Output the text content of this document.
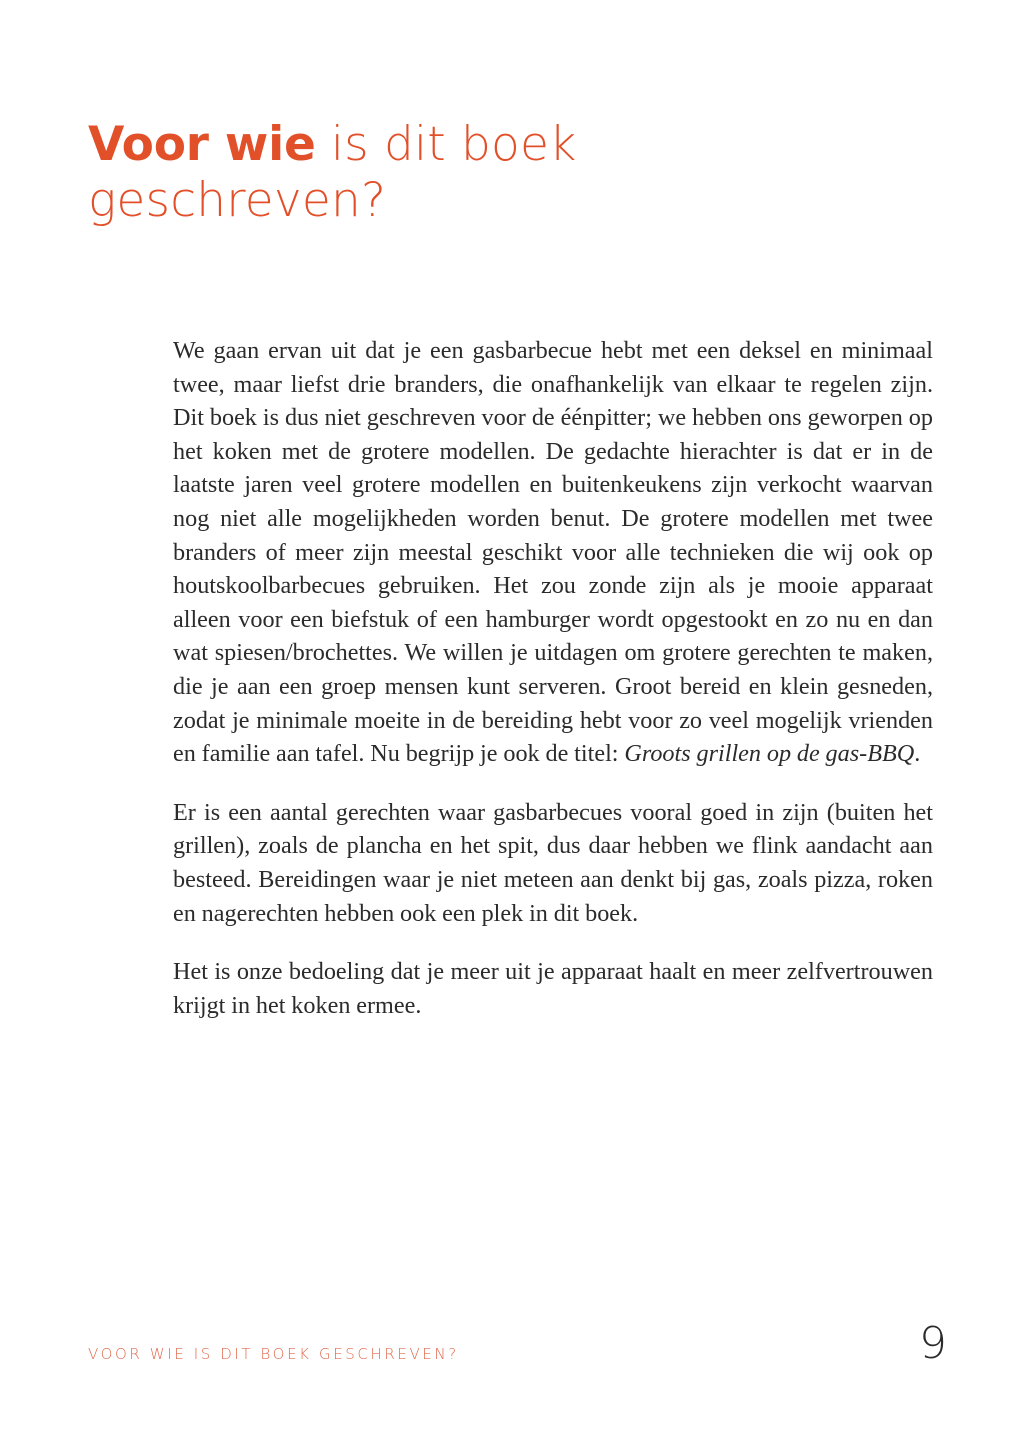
Voor wie is dit boek geschreven?

We gaan ervan uit dat je een gasbarbecue hebt met een deksel en minimaal twee, maar liefst drie branders, die onafhankelijk van elkaar te regelen zijn. Dit boek is dus niet geschreven voor de éénpitter; we hebben ons geworpen op het koken met de grotere modellen. De gedachte hierachter is dat er in de laatste jaren veel grotere modellen en buitenkeukens zijn verkocht waarvan nog niet alle mogelijkheden worden benut. De grotere modellen met twee branders of meer zijn meestal geschikt voor alle technieken die wij ook op houtskoolbarbecues gebruiken. Het zou zonde zijn als je mooie apparaat alleen voor een biefstuk of een hamburger wordt opgestookt en zo nu en dan wat spiesen/brochettes. We willen je uitdagen om grotere gerechten te maken, die je aan een groep mensen kunt serveren. Groot bereid en klein gesneden, zodat je minimale moeite in de bereiding hebt voor zo veel mogelijk vrienden en familie aan tafel. Nu begrijp je ook de titel: Groots grillen op de gas-BBQ.

Er is een aantal gerechten waar gasbarbecues vooral goed in zijn (buiten het grillen), zoals de plancha en het spit, dus daar hebben we flink aandacht aan besteed. Bereidingen waar je niet meteen aan denkt bij gas, zoals pizza, roken en nagerechten hebben ook een plek in dit boek.

Het is onze bedoeling dat je meer uit je apparaat haalt en meer zelfvertrouwen krijgt in het koken ermee.

VOOR WIE IS DIT BOEK GESCHREVEN?	9
